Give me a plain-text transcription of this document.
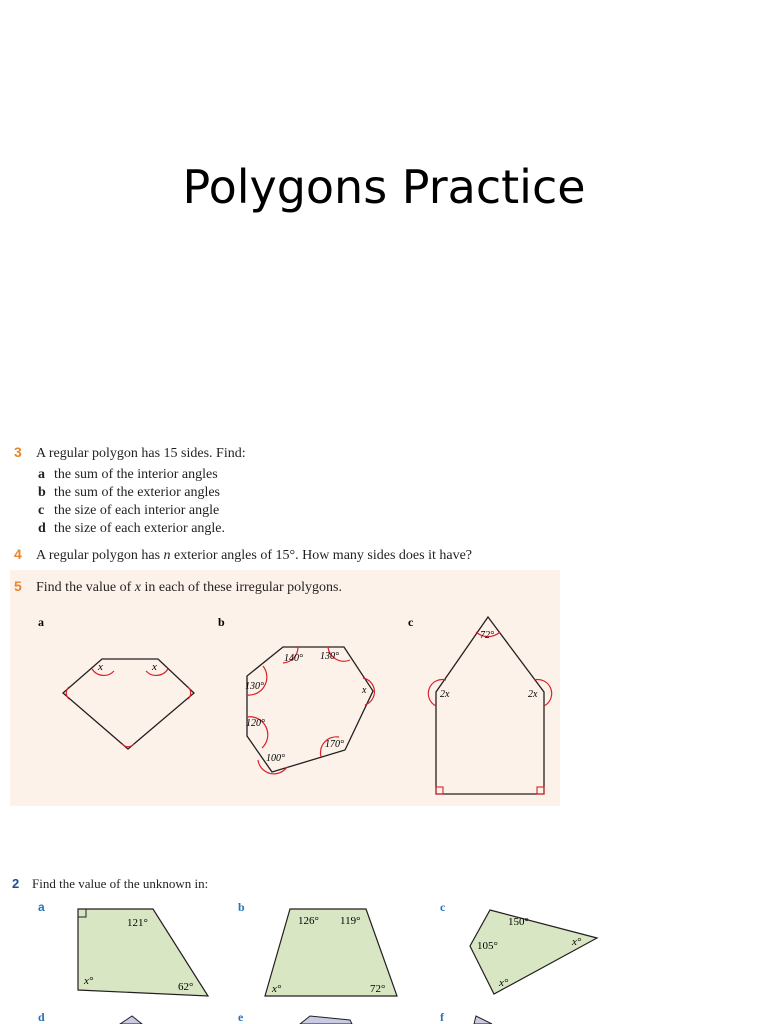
Polygons Practice
3 A regular polygon has 15 sides. Find:
a the sum of the interior angles
b the sum of the exterior angles
c the size of each interior angle
d the size of each exterior angle.
4 A regular polygon has n exterior angles of 15°. How many sides does it have?
5 Find the value of x in each of these irregular polygons.
a	b	c
x	x
140° 130°
130°	x
120°
170°
100°
72°
2x	2x
2 Find the value of the unknown in:
a	b	c
d	e	f
121°
x°	62°
126° 119°
x°	72°
150°
105°	x°
x°
